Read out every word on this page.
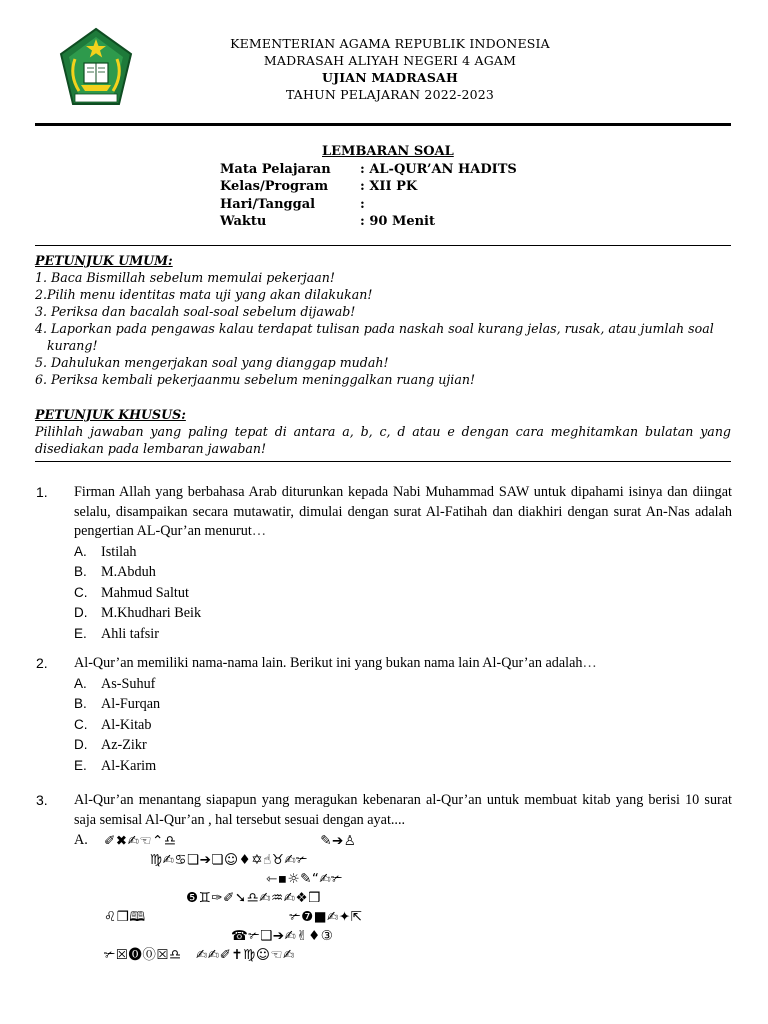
KEMENTERIAN AGAMA REPUBLIK INDONESIA
MADRASAH ALIYAH NEGERI 4 AGAM
UJIAN MADRASAH
TAHUN PELAJARAN 2022-2023
LEMBARAN SOAL
Mata Pelajaran	: AL-QUR’AN HADITS
Kelas/Program	: XII PK
Hari/Tanggal	:
Waktu	: 90 Menit
PETUNJUK UMUM:
1. Baca Bismillah sebelum memulai pekerjaan!
2.Pilih menu identitas mata uji yang akan dilakukan!
3. Periksa dan bacalah soal-soal sebelum dijawab!
4. Laporkan pada pengawas kalau terdapat tulisan pada naskah soal kurang jelas, rusak, atau jumlah soal
kurang!
5. Dahulukan mengerjakan soal yang dianggap mudah!
6. Periksa kembali pekerjaanmu sebelum meninggalkan ruang ujian!
PETUNJUK KHUSUS:
Pilihlah jawaban yang paling tepat di antara a, b, c, d atau e dengan cara meghitamkan bulatan yang
disediakan pada lembaran jawaban!
1. Firman Allah yang berbahasa Arab diturunkan kepada Nabi Muhammad SAW untuk dipahami isinya dan diingat selalu, disampaikan secara mutawatir, dimulai dengan surat Al-Fatihah dan diakhiri dengan surat An-Nas adalah pengertian AL-Qur’an menurut…
A. Istilah
B. M.Abduh
C. Mahmud Saltut
D. M.Khudhari Beik
E. Ahli tafsir
2. Al-Qur’an memiliki nama-nama lain. Berikut ini yang bukan nama lain Al-Qur’an adalah…
A. As-Suhuf
B. Al-Furqan
C. Al-Kitab
D. Az-Zikr
E. Al-Karim
3. Al-Qur’an menantang siapapun yang meragukan kebenaran al-Qur’an untuk membuat kitab yang berisi 10 surat saja semisal Al-Qur’an , hal tersebut sesuai dengan ayat....
A.	✐✖✍☜⌃♎                              ✎➔♙
♍✍♋❏➔❏☺♦✡☝♉✍✃
⇽▪☼✎“✍✃
❺♊✑✐➘♎✍♒✍❖❒
♌❒🕮                              ✃❼■✍✦⇱
☎✃❑➔✍✌♦③
✃☒⓿⓪☒♎   ✍✍✐✝♍☺☜✍
